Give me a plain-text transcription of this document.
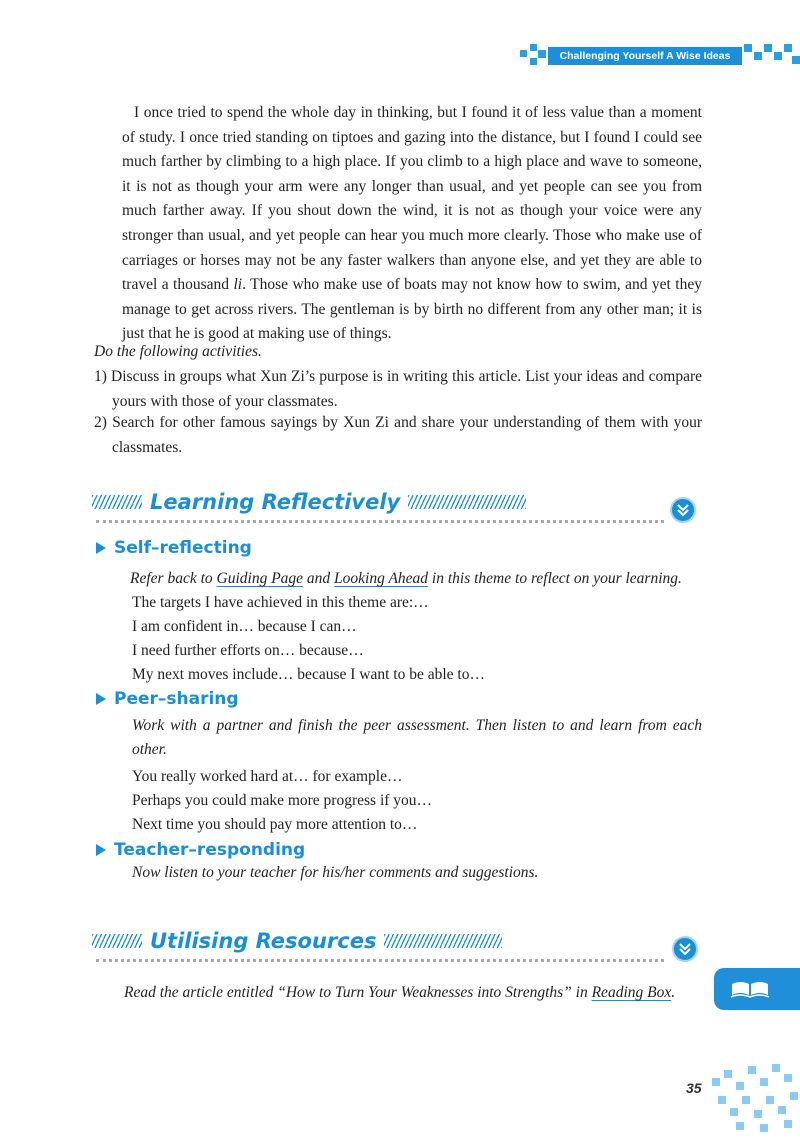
Challenging Yourself A Wise Ideas

I once tried to spend the whole day in thinking, but I found it of less value than a moment of study. I once tried standing on tiptoes and gazing into the distance, but I found I could see much farther by climbing to a high place. If you climb to a high place and wave to someone, it is not as though your arm were any longer than usual, and yet people can see you from much farther away. If you shout down the wind, it is not as though your voice were any stronger than usual, and yet people can hear you much more clearly. Those who make use of carriages or horses may not be any faster walkers than anyone else, and yet they are able to travel a thousand li. Those who make use of boats may not know how to swim, and yet they manage to get across rivers. The gentleman is by birth no different from any other man; it is just that he is good at making use of things.

Do the following activities.
1) Discuss in groups what Xun Zi’s purpose is in writing this article. List your ideas and compare yours with those of your classmates.
2) Search for other famous sayings by Xun Zi and share your understanding of them with your classmates.
Learning Reflectively
Self–reflecting
Refer back to Guiding Page and Looking Ahead in this theme to reflect on your learning.
The targets I have achieved in this theme are:…
I am confident in… because I can…
I need further efforts on… because…
My next moves include… because I want to be able to…
Peer–sharing
Work with a partner and finish the peer assessment. Then listen to and learn from each other.
You really worked hard at… for example…
Perhaps you could make more progress if you…
Next time you should pay more attention to…
Teacher–responding
Now listen to your teacher for his/her comments and suggestions.
Utilising Resources
Read the article entitled “How to Turn Your Weaknesses into Strengths” in Reading Box.
35
